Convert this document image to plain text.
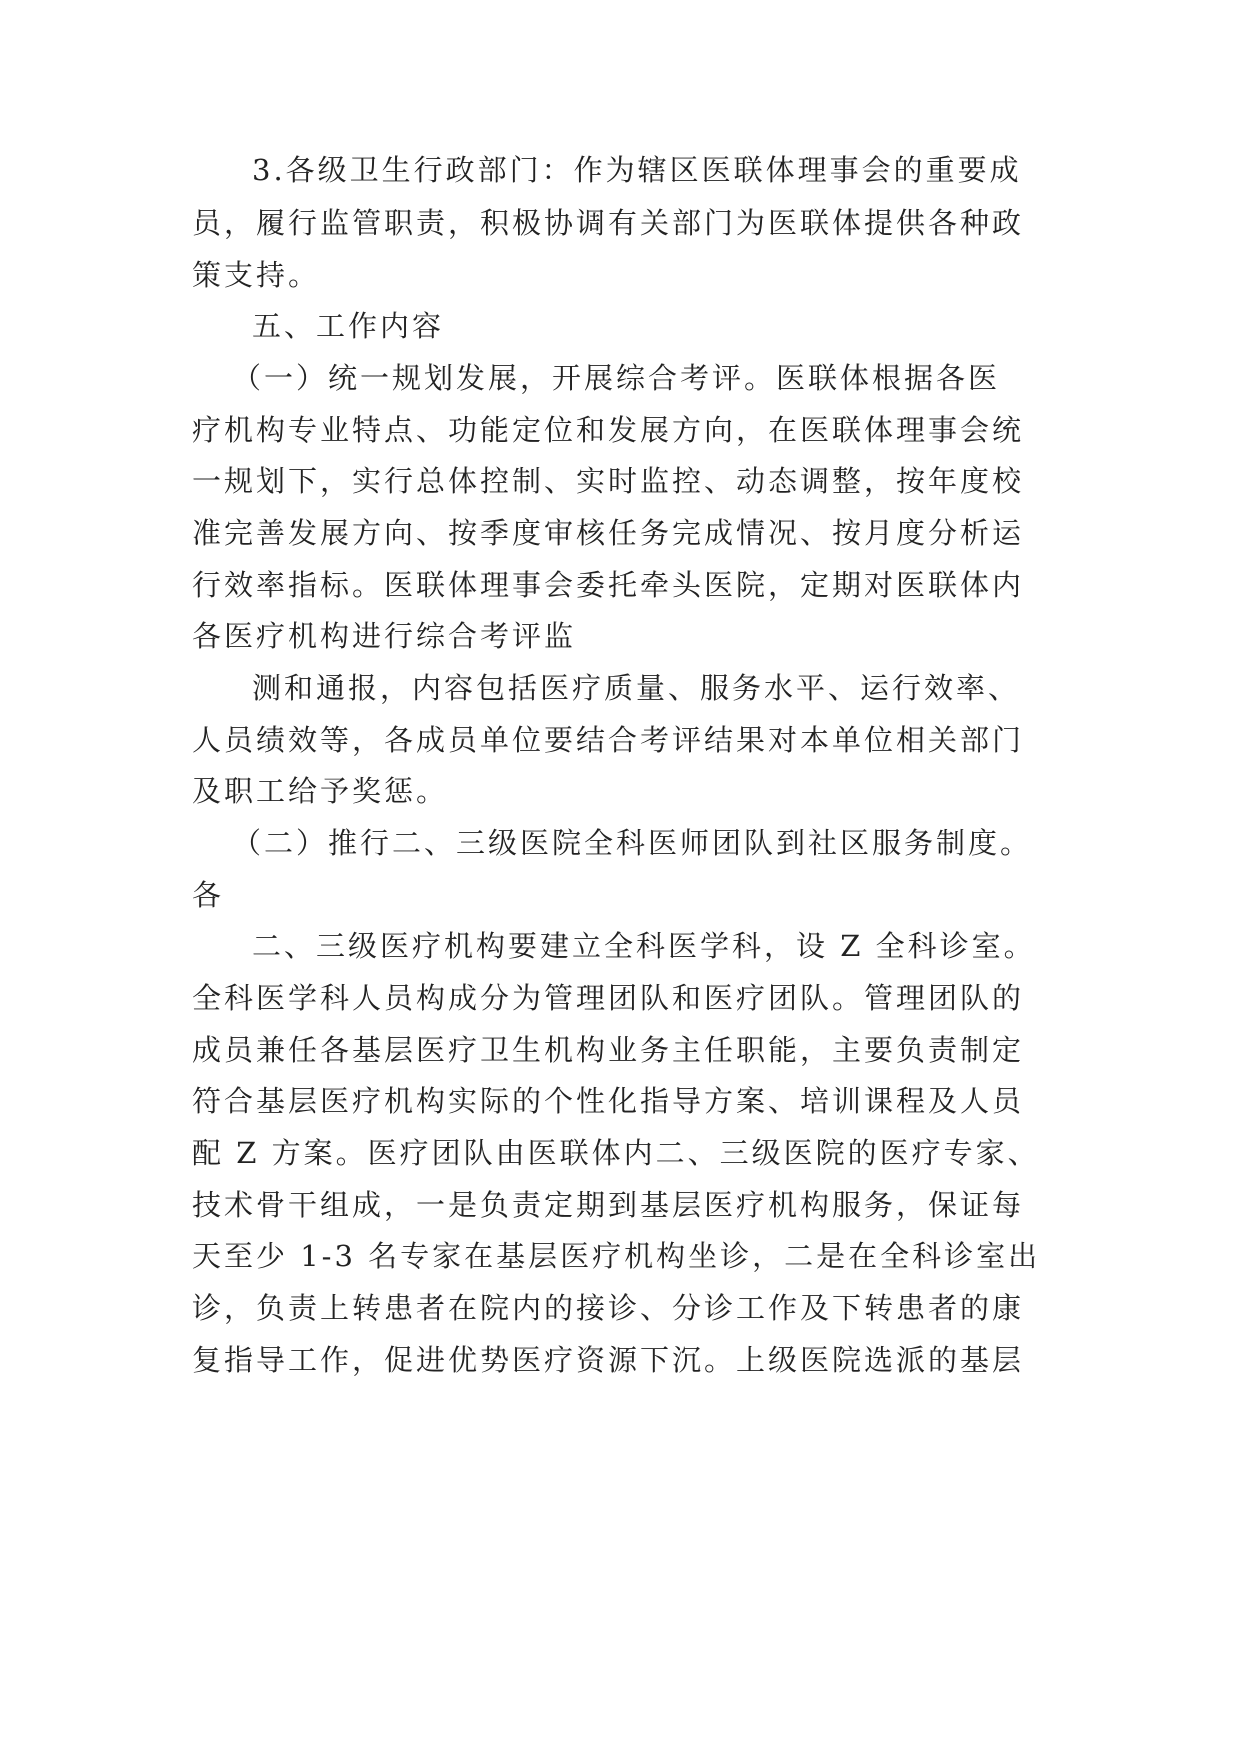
3.各级卫生行政部门：作为辖区医联体理事会的重要成

员，履行监管职责，积极协调有关部门为医联体提供各种政

策支持。

五、工作内容

（一）统一规划发展，开展综合考评。医联体根据各医

疗机构专业特点、功能定位和发展方向，在医联体理事会统

一规划下，实行总体控制、实时监控、动态调整，按年度校

准完善发展方向、按季度审核任务完成情况、按月度分析运

行效率指标。医联体理事会委托牵头医院，定期对医联体内

各医疗机构进行综合考评监

测和通报，内容包括医疗质量、服务水平、运行效率、

人员绩效等，各成员单位要结合考评结果对本单位相关部门

及职工给予奖惩。

（二）推行二、三级医院全科医师团队到社区服务制度。

各

二、三级医疗机构要建立全科医学科，设 Z 全科诊室。

全科医学科人员构成分为管理团队和医疗团队。管理团队的

成员兼任各基层医疗卫生机构业务主任职能，主要负责制定

符合基层医疗机构实际的个性化指导方案、培训课程及人员

配 Z 方案。医疗团队由医联体内二、三级医院的医疗专家、

技术骨干组成，一是负责定期到基层医疗机构服务，保证每

天至少 1-3 名专家在基层医疗机构坐诊，二是在全科诊室出

诊，负责上转患者在院内的接诊、分诊工作及下转患者的康

复指导工作，促进优势医疗资源下沉。上级医院选派的基层
